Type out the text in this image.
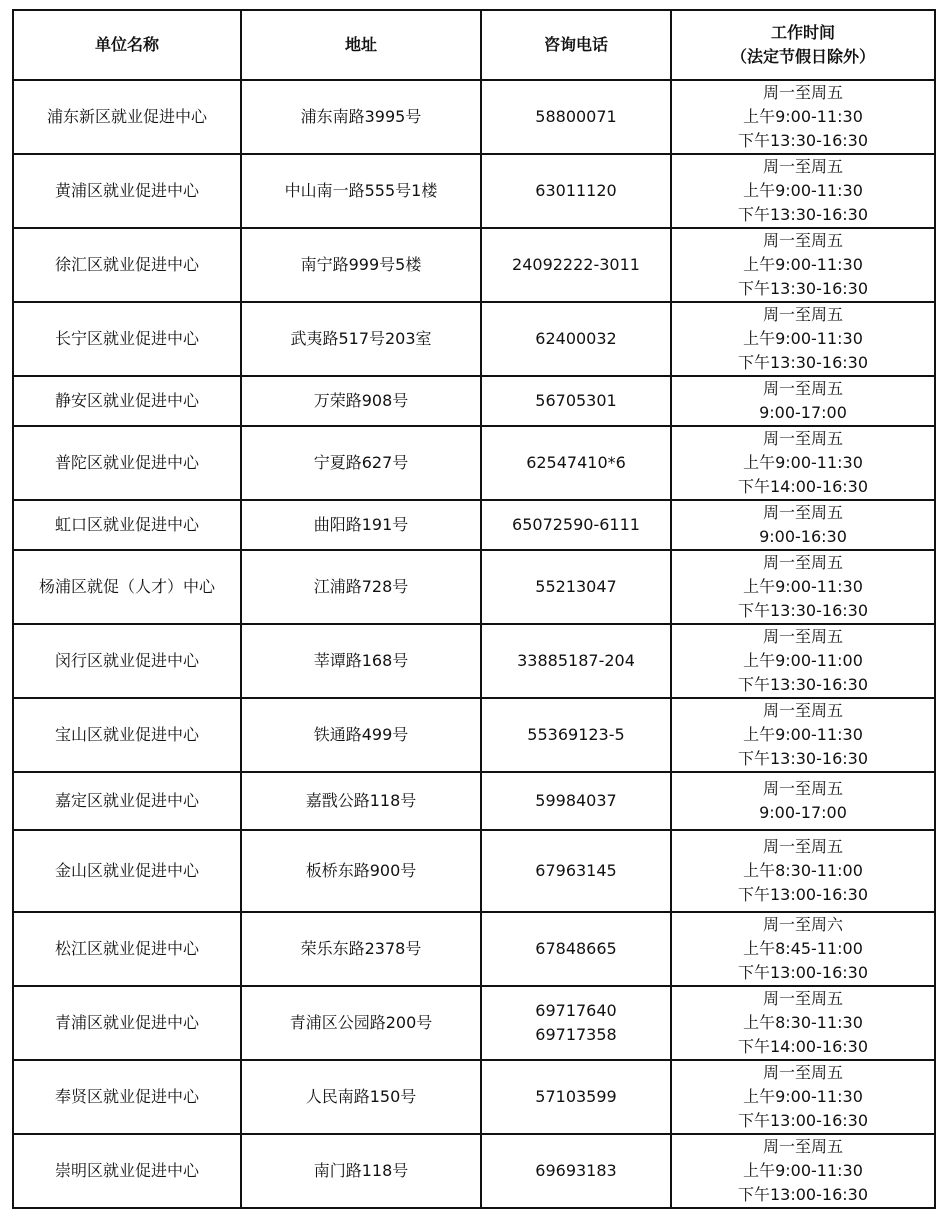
单位名称	地址	咨询电话	工作时间
（法定节假日除外）

浦东新区就业促进中心	浦东南路3995号	58800071	周一至周五
上午9:00-11:30
下午13:30-16:30

黄浦区就业促进中心	中山南一路555号1楼	63011120	周一至周五
上午9:00-11:30
下午13:30-16:30

徐汇区就业促进中心	南宁路999号5楼	24092222-3011	周一至周五
上午9:00-11:30
下午13:30-16:30

长宁区就业促进中心	武夷路517号203室	62400032	周一至周五
上午9:00-11:30
下午13:30-16:30

静安区就业促进中心	万荣路908号	56705301	周一至周五
9:00-17:00

普陀区就业促进中心	宁夏路627号	62547410*6	周一至周五
上午9:00-11:30
下午14:00-16:30

虹口区就业促进中心	曲阳路191号	65072590-6111	周一至周五
9:00-16:30

杨浦区就促（人才）中心	江浦路728号	55213047	周一至周五
上午9:00-11:30
下午13:30-16:30

闵行区就业促进中心	莘谭路168号	33885187-204	周一至周五
上午9:00-11:00
下午13:30-16:30

宝山区就业促进中心	铁通路499号	55369123-5	周一至周五
上午9:00-11:30
下午13:30-16:30

嘉定区就业促进中心	嘉戬公路118号	59984037	周一至周五
9:00-17:00

金山区就业促进中心	板桥东路900号	67963145	周一至周五
上午8:30-11:00
下午13:00-16:30

松江区就业促进中心	荣乐东路2378号	67848665	周一至周六
上午8:45-11:00
下午13:00-16:30

青浦区就业促进中心	青浦区公园路200号	69717640
69717358	周一至周五
上午8:30-11:30
下午14:00-16:30

奉贤区就业促进中心	人民南路150号	57103599	周一至周五
上午9:00-11:30
下午13:00-16:30

崇明区就业促进中心	南门路118号	69693183	周一至周五
上午9:00-11:30
下午13:00-16:30
